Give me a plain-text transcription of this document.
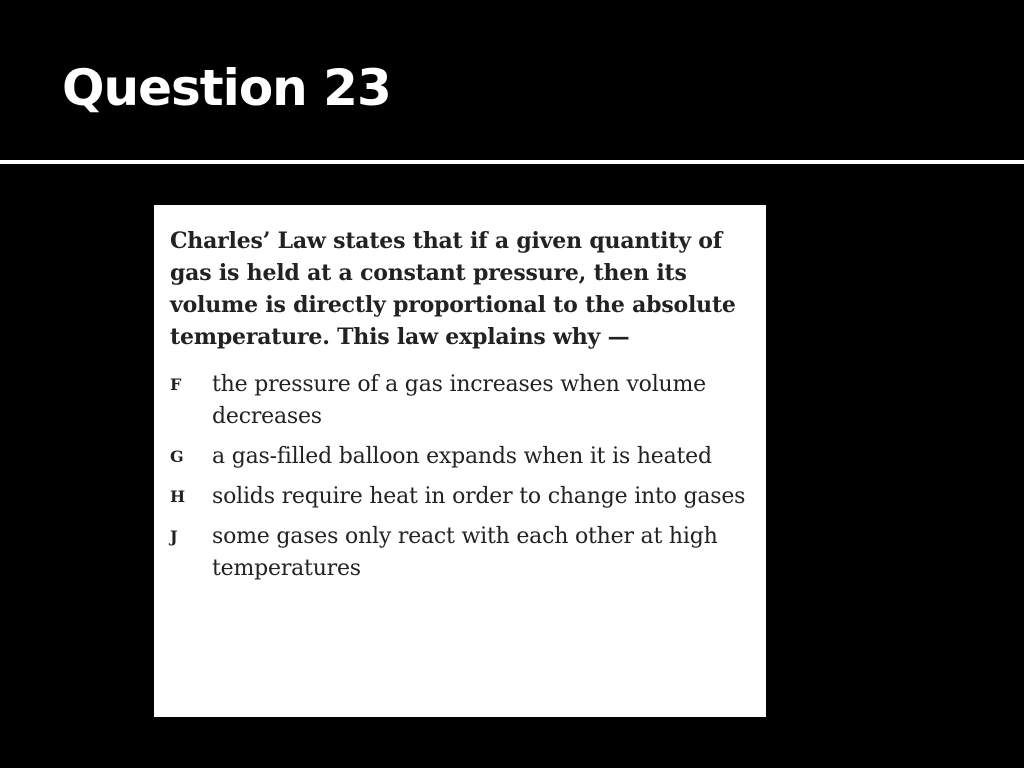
Question 23

Charles’ Law states that if a given quantity of gas is held at a constant pressure, then its volume is directly proportional to the absolute temperature. This law explains why —

F	the pressure of a gas increases when volume decreases
G	a gas-filled balloon expands when it is heated
H	solids require heat in order to change into gases
J	some gases only react with each other at high temperatures
